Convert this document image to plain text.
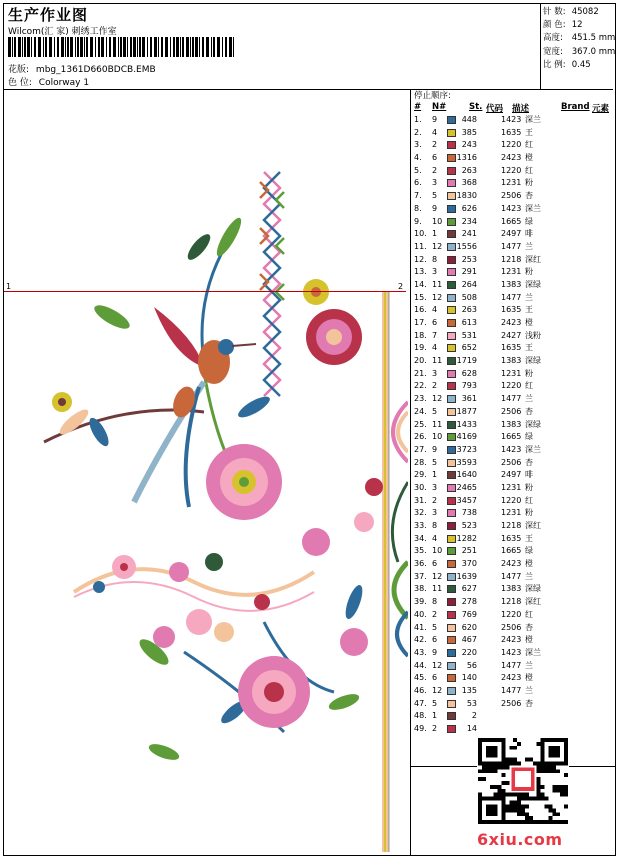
生产作业图
Wilcom(汇 家) 刺绣工作室
花版: mbg_1361D660BDCB.EMB
色 位: Colorway 1
针 数: 45082
颜 色: 12
高度: 451.5 mm
宽度: 367.0 mm
比 例: 0.45
停止顺序:
# N#	St. 代码 描述	Brand 元素
1. 9	448	1423 深兰
2. 4	385	1635 王
3. 2	243	1220 红
4. 6	1316	2423 橙
5. 2	263	1220 红
6. 3	368	1231 粉
7. 5	1830	2506 杏
8. 9	626	1423 深兰
9. 10	234	1665 绿
10. 1	241	2497 啡
11. 12	1556	1477 兰
12. 8	253	1218 深红
13. 3	291	1231 粉
14. 11	264	1383 深绿
15. 12	508	1477 兰
16. 4	263	1635 王
17. 6	613	2423 橙
18. 7	531	2427 浅粉
19. 4	652	1635 王
20. 11	1719	1383 深绿
21. 3	628	1231 粉
22. 2	793	1220 红
23. 12	361	1477 兰
24. 5	1877	2506 杏
25. 11	1433	1383 深绿
26. 10	4169	1665 绿
27. 9	3723	1423 深兰
28. 5	3593	2506 杏
29. 1	1640	2497 啡
30. 3	2465	1231 粉
31. 2	3457	1220 红
32. 3	738	1231 粉
33. 8	523	1218 深红
34. 4	1282	1635 王
35. 10	251	1665 绿
36. 6	370	2423 橙
37. 12	1639	1477 兰
38. 11	627	1383 深绿
39. 8	278	1218 深红
40. 2	769	1220 红
41. 5	620	2506 杏
42. 6	467	2423 橙
43. 9	220	1423 深兰
44. 12	56	1477 兰
45. 6	140	2423 橙
46. 12	135	1477 兰
47. 5	53	2506 杏
48. 1	2
49. 2	14
1	2
6xiu.com
